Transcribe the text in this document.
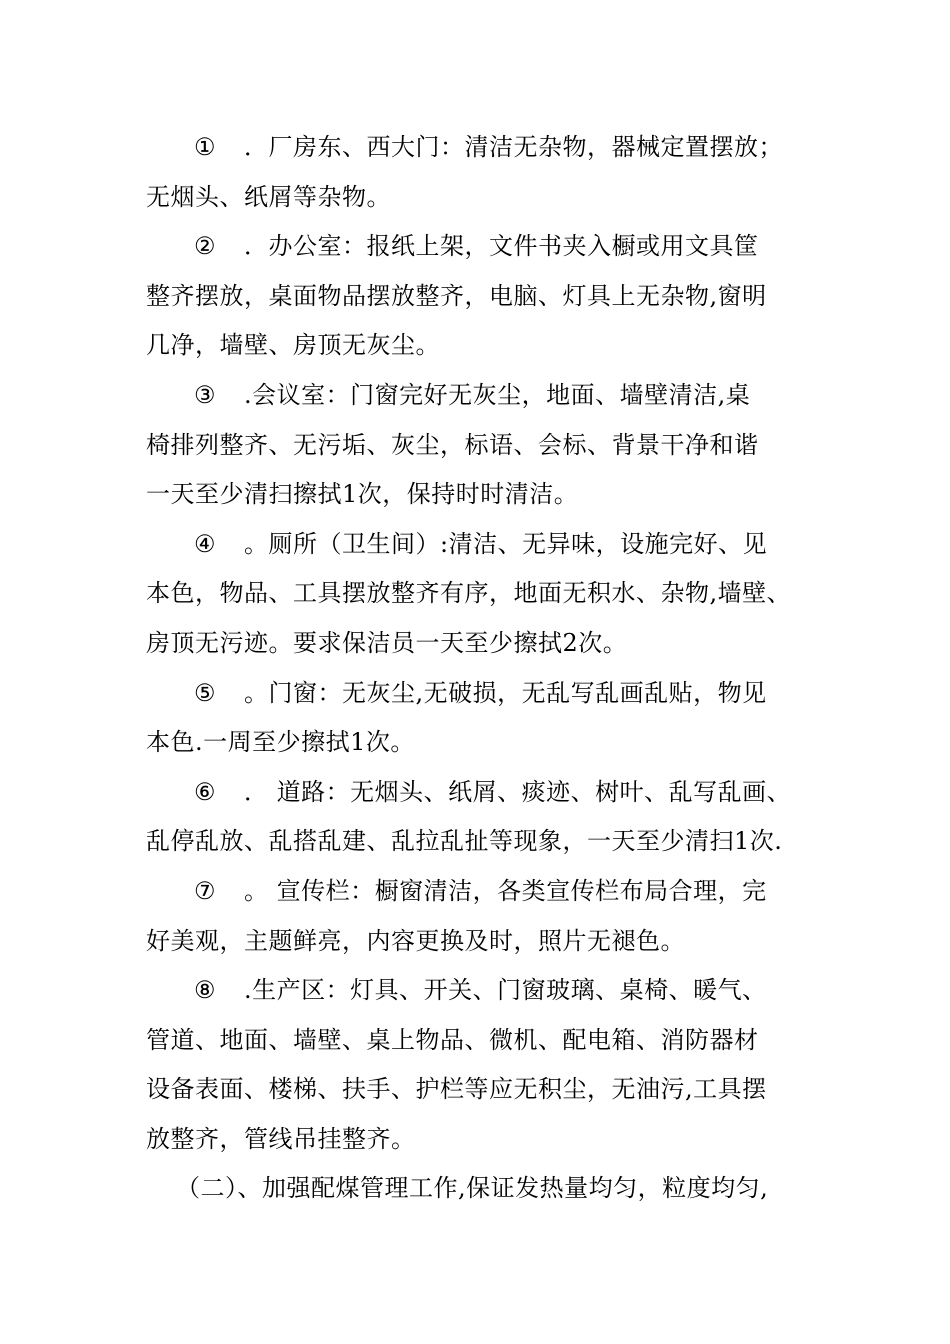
① ．厂房东、西大门：清洁无杂物，器械定置摆放；
无烟头、纸屑等杂物。
② ．办公室：报纸上架，文件书夹入橱或用文具筐
整齐摆放，桌面物品摆放整齐，电脑、灯具上无杂物,窗明
几净，墙壁、房顶无灰尘。
③ .会议室：门窗完好无灰尘，地面、墙壁清洁,桌
椅排列整齐、无污垢、灰尘，标语、会标、背景干净和谐
一天至少清扫擦拭1次，保持时时清洁。
④ 。厕所（卫生间）:清洁、无异味，设施完好、见
本色，物品、工具摆放整齐有序，地面无积水、杂物,墙壁、
房顶无污迹。要求保洁员一天至少擦拭2次。
⑤ 。门窗：无灰尘,无破损，无乱写乱画乱贴，物见
本色.一周至少擦拭1次。
⑥ ． 道路：无烟头、纸屑、痰迹、树叶、乱写乱画、
乱停乱放、乱搭乱建、乱拉乱扯等现象，一天至少清扫1次.
⑦ 。 宣传栏：橱窗清洁，各类宣传栏布局合理，完
好美观，主题鲜亮，内容更换及时，照片无褪色。
⑧ .生产区：灯具、开关、门窗玻璃、桌椅、暖气、
管道、地面、墙壁、桌上物品、微机、配电箱、消防器材
设备表面、楼梯、扶手、护栏等应无积尘，无油污,工具摆
放整齐，管线吊挂整齐。
（二）、加强配煤管理工作,保证发热量均匀，粒度均匀,
